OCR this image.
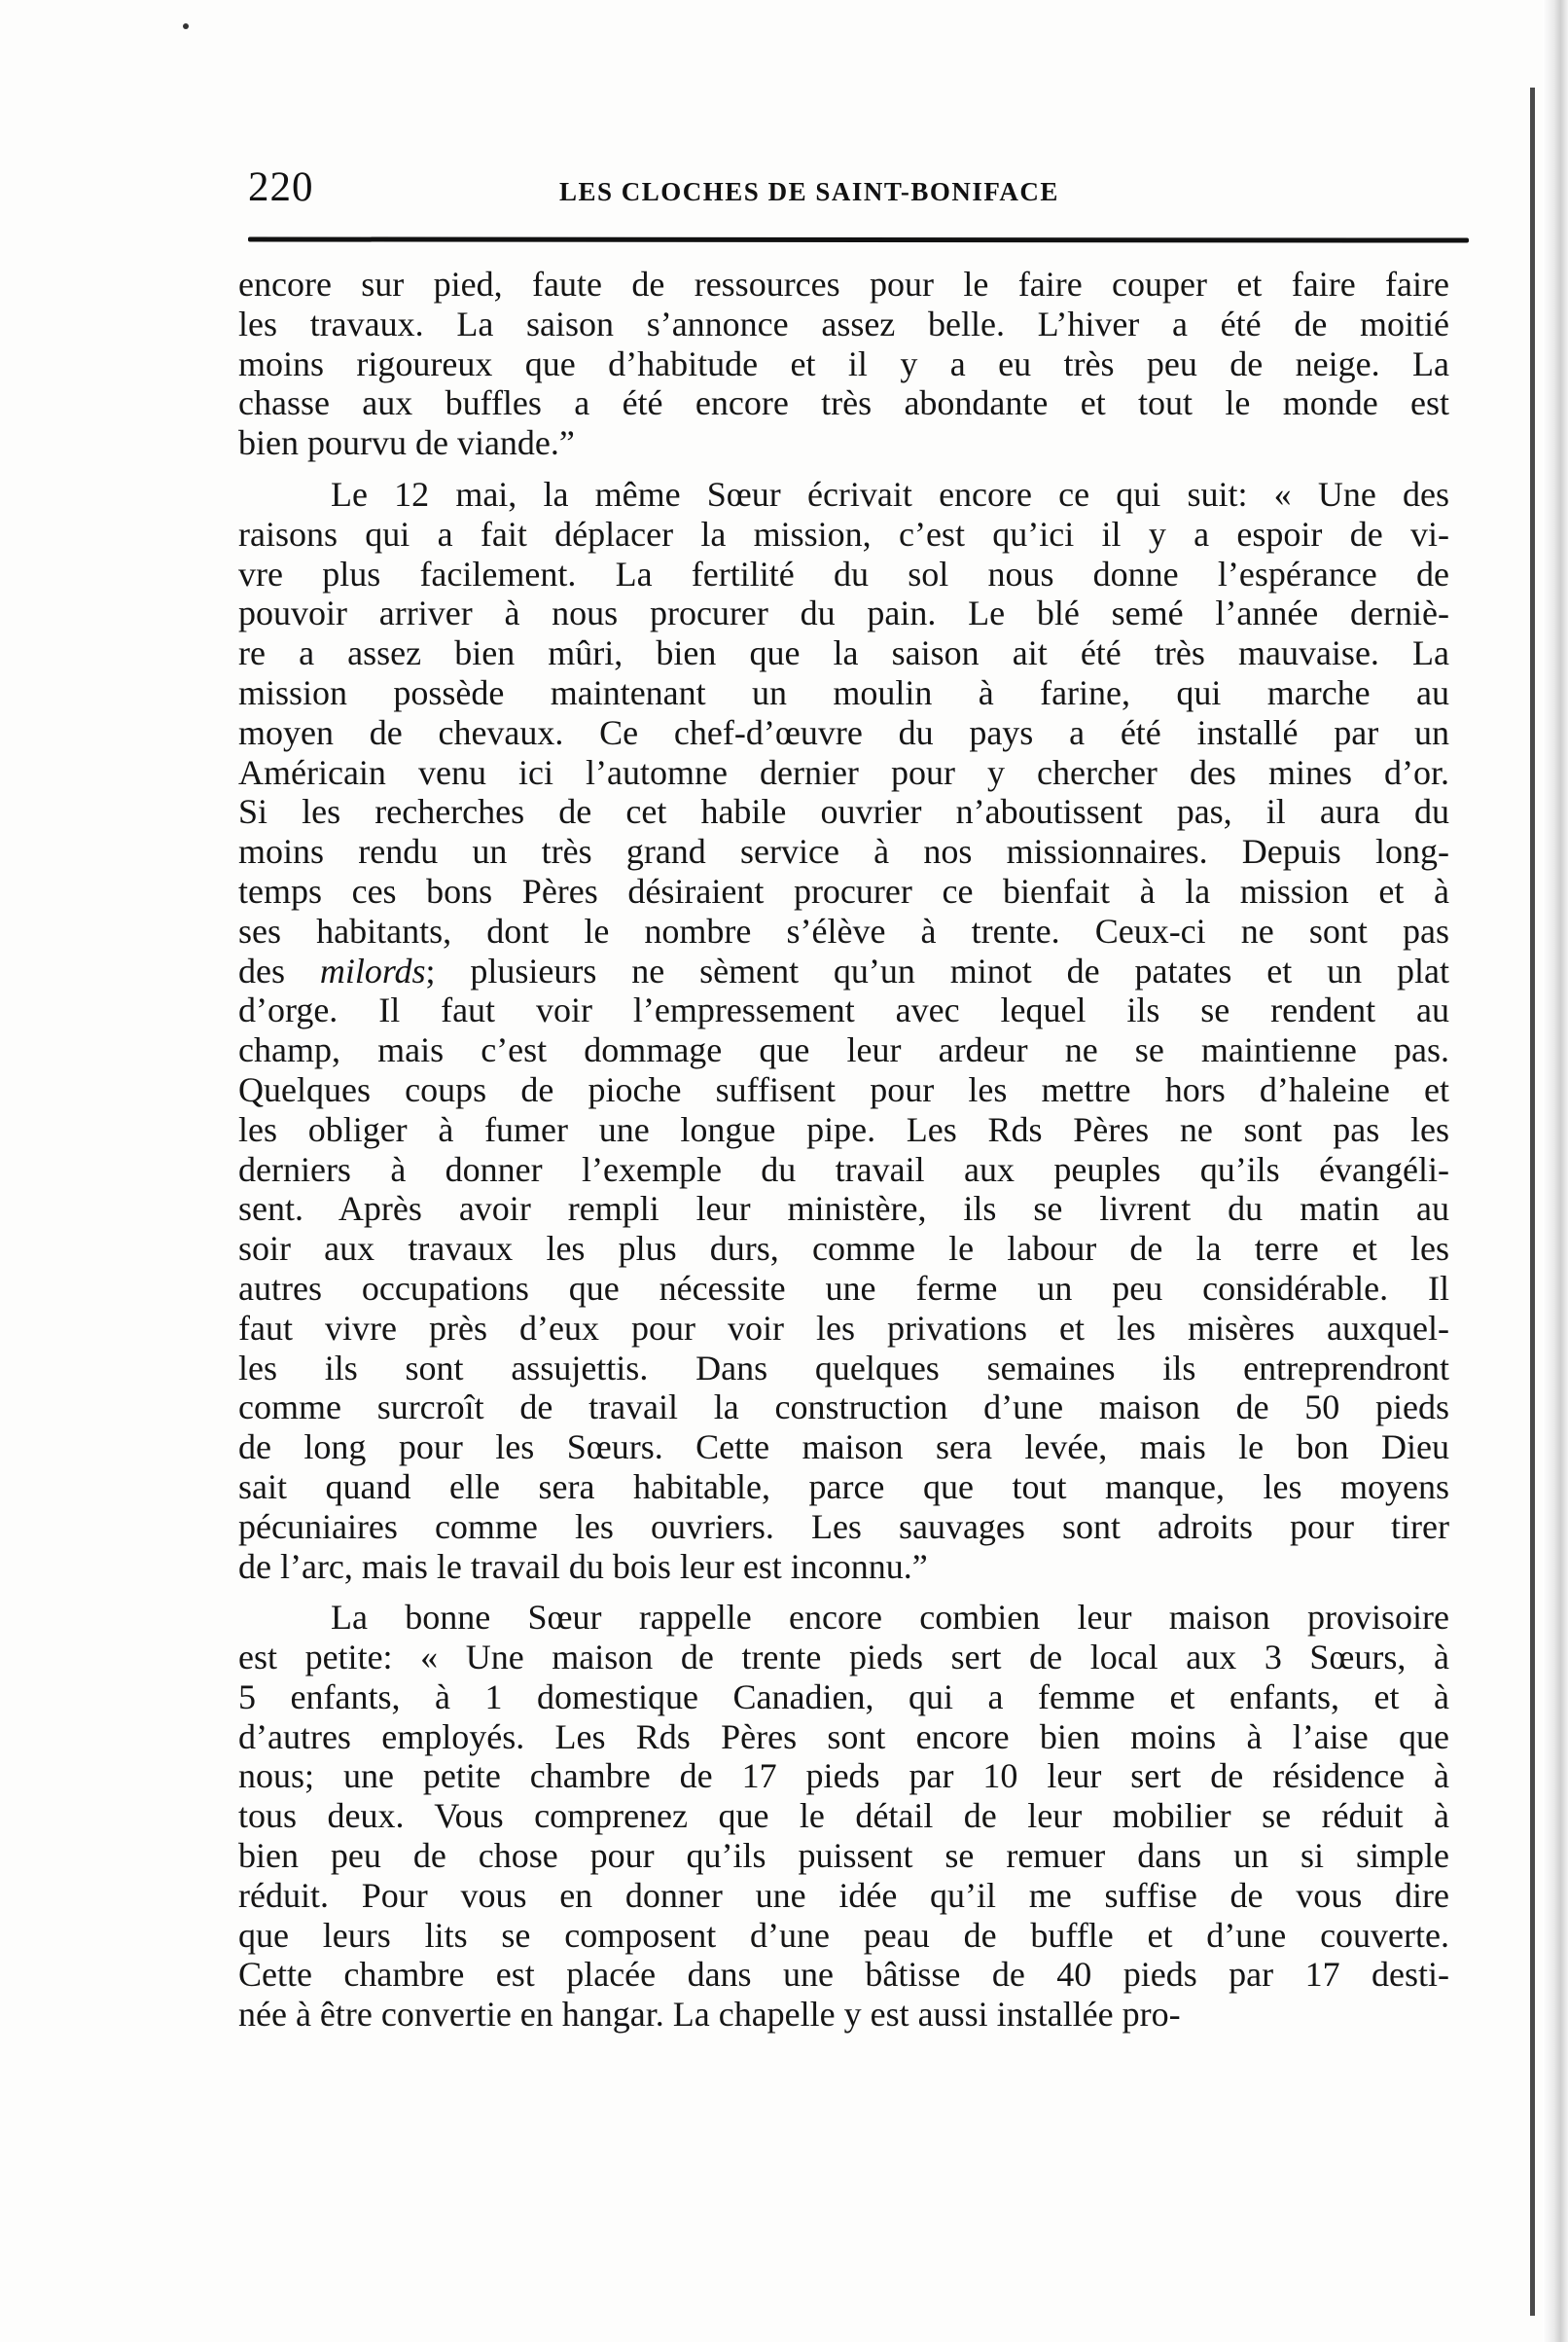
220	LES CLOCHES DE SAINT-BONIFACE
encore sur pied, faute de ressources pour le faire couper et faire faire
les travaux. La saison s’annonce assez belle. L’hiver a été de moitié
moins rigoureux que d’habitude et il y a eu très peu de neige. La
chasse aux buffles a été encore très abondante et tout le monde est
bien pourvu de viande.”
Le 12 mai, la même Sœur écrivait encore ce qui suit: « Une des
raisons qui a fait déplacer la mission, c’est qu’ici il y a espoir de vi-
vre plus facilement. La fertilité du sol nous donne l’espérance de
pouvoir arriver à nous procurer du pain. Le blé semé l’année derniè-
re a assez bien mûri, bien que la saison ait été très mauvaise. La
mission possède maintenant un moulin à farine, qui marche au
moyen de chevaux. Ce chef-d’œuvre du pays a été installé par un
Américain venu ici l’automne dernier pour y chercher des mines d’or.
Si les recherches de cet habile ouvrier n’aboutissent pas, il aura du
moins rendu un très grand service à nos missionnaires. Depuis long-
temps ces bons Pères désiraient procurer ce bienfait à la mission et à
ses habitants, dont le nombre s’élève à trente. Ceux-ci ne sont pas
des milords; plusieurs ne sèment qu’un minot de patates et un plat
d’orge. Il faut voir l’empressement avec lequel ils se rendent au
champ, mais c’est dommage que leur ardeur ne se maintienne pas.
Quelques coups de pioche suffisent pour les mettre hors d’haleine et
les obliger à fumer une longue pipe. Les Rds Pères ne sont pas les
derniers à donner l’exemple du travail aux peuples qu’ils évangéli-
sent. Après avoir rempli leur ministère, ils se livrent du matin au
soir aux travaux les plus durs, comme le labour de la terre et les
autres occupations que nécessite une ferme un peu considérable. Il
faut vivre près d’eux pour voir les privations et les misères auxquel-
les ils sont assujettis. Dans quelques semaines ils entreprendront
comme surcroît de travail la construction d’une maison de 50 pieds
de long pour les Sœurs. Cette maison sera levée, mais le bon Dieu
sait quand elle sera habitable, parce que tout manque, les moyens
pécuniaires comme les ouvriers. Les sauvages sont adroits pour tirer
de l’arc, mais le travail du bois leur est inconnu.”
La bonne Sœur rappelle encore combien leur maison provisoire
est petite: « Une maison de trente pieds sert de local aux 3 Sœurs, à
5 enfants, à 1 domestique Canadien, qui a femme et enfants, et à
d’autres employés. Les Rds Pères sont encore bien moins à l’aise que
nous; une petite chambre de 17 pieds par 10 leur sert de résidence à
tous deux. Vous comprenez que le détail de leur mobilier se réduit à
bien peu de chose pour qu’ils puissent se remuer dans un si simple
réduit. Pour vous en donner une idée qu’il me suffise de vous dire
que leurs lits se composent d’une peau de buffle et d’une couverte.
Cette chambre est placée dans une bâtisse de 40 pieds par 17 desti-
née à être convertie en hangar. La chapelle y est aussi installée pro-
